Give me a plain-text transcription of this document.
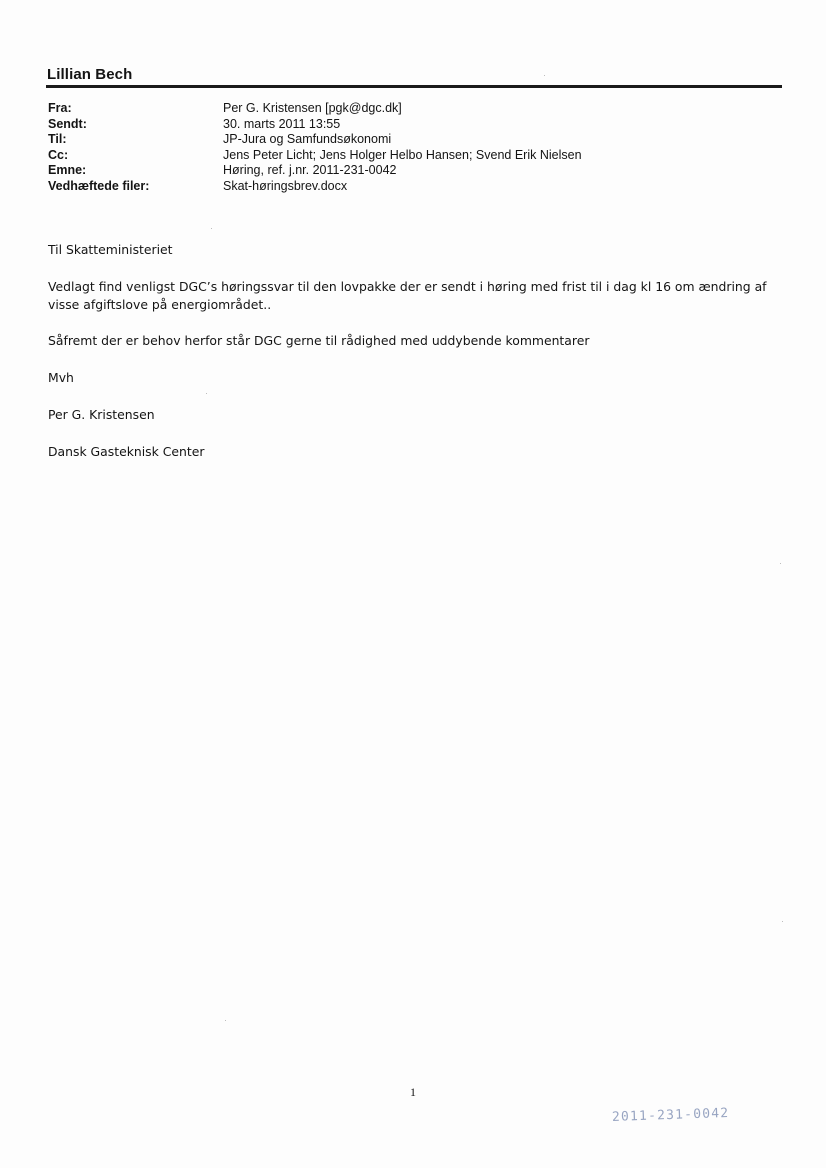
Lillian Bech
Fra:	Per G. Kristensen [pgk@dgc.dk]
Sendt:	30. marts 2011 13:55
Til:	JP-Jura og Samfundsøkonomi
Cc:	Jens Peter Licht; Jens Holger Helbo Hansen; Svend Erik Nielsen
Emne:	Høring, ref. j.nr. 2011-231-0042
Vedhæftede filer:	Skat-høringsbrev.docx

Til Skatteministeriet

Vedlagt find venligst DGC’s høringssvar til den lovpakke der er sendt i høring med frist til i dag kl 16 om ændring af

visse afgiftslove på energiområdet..

Såfremt der er behov herfor står DGC gerne til rådighed med uddybende kommentarer

Mvh

Per G. Kristensen

Dansk Gasteknisk Center

1
2011-231-0042
